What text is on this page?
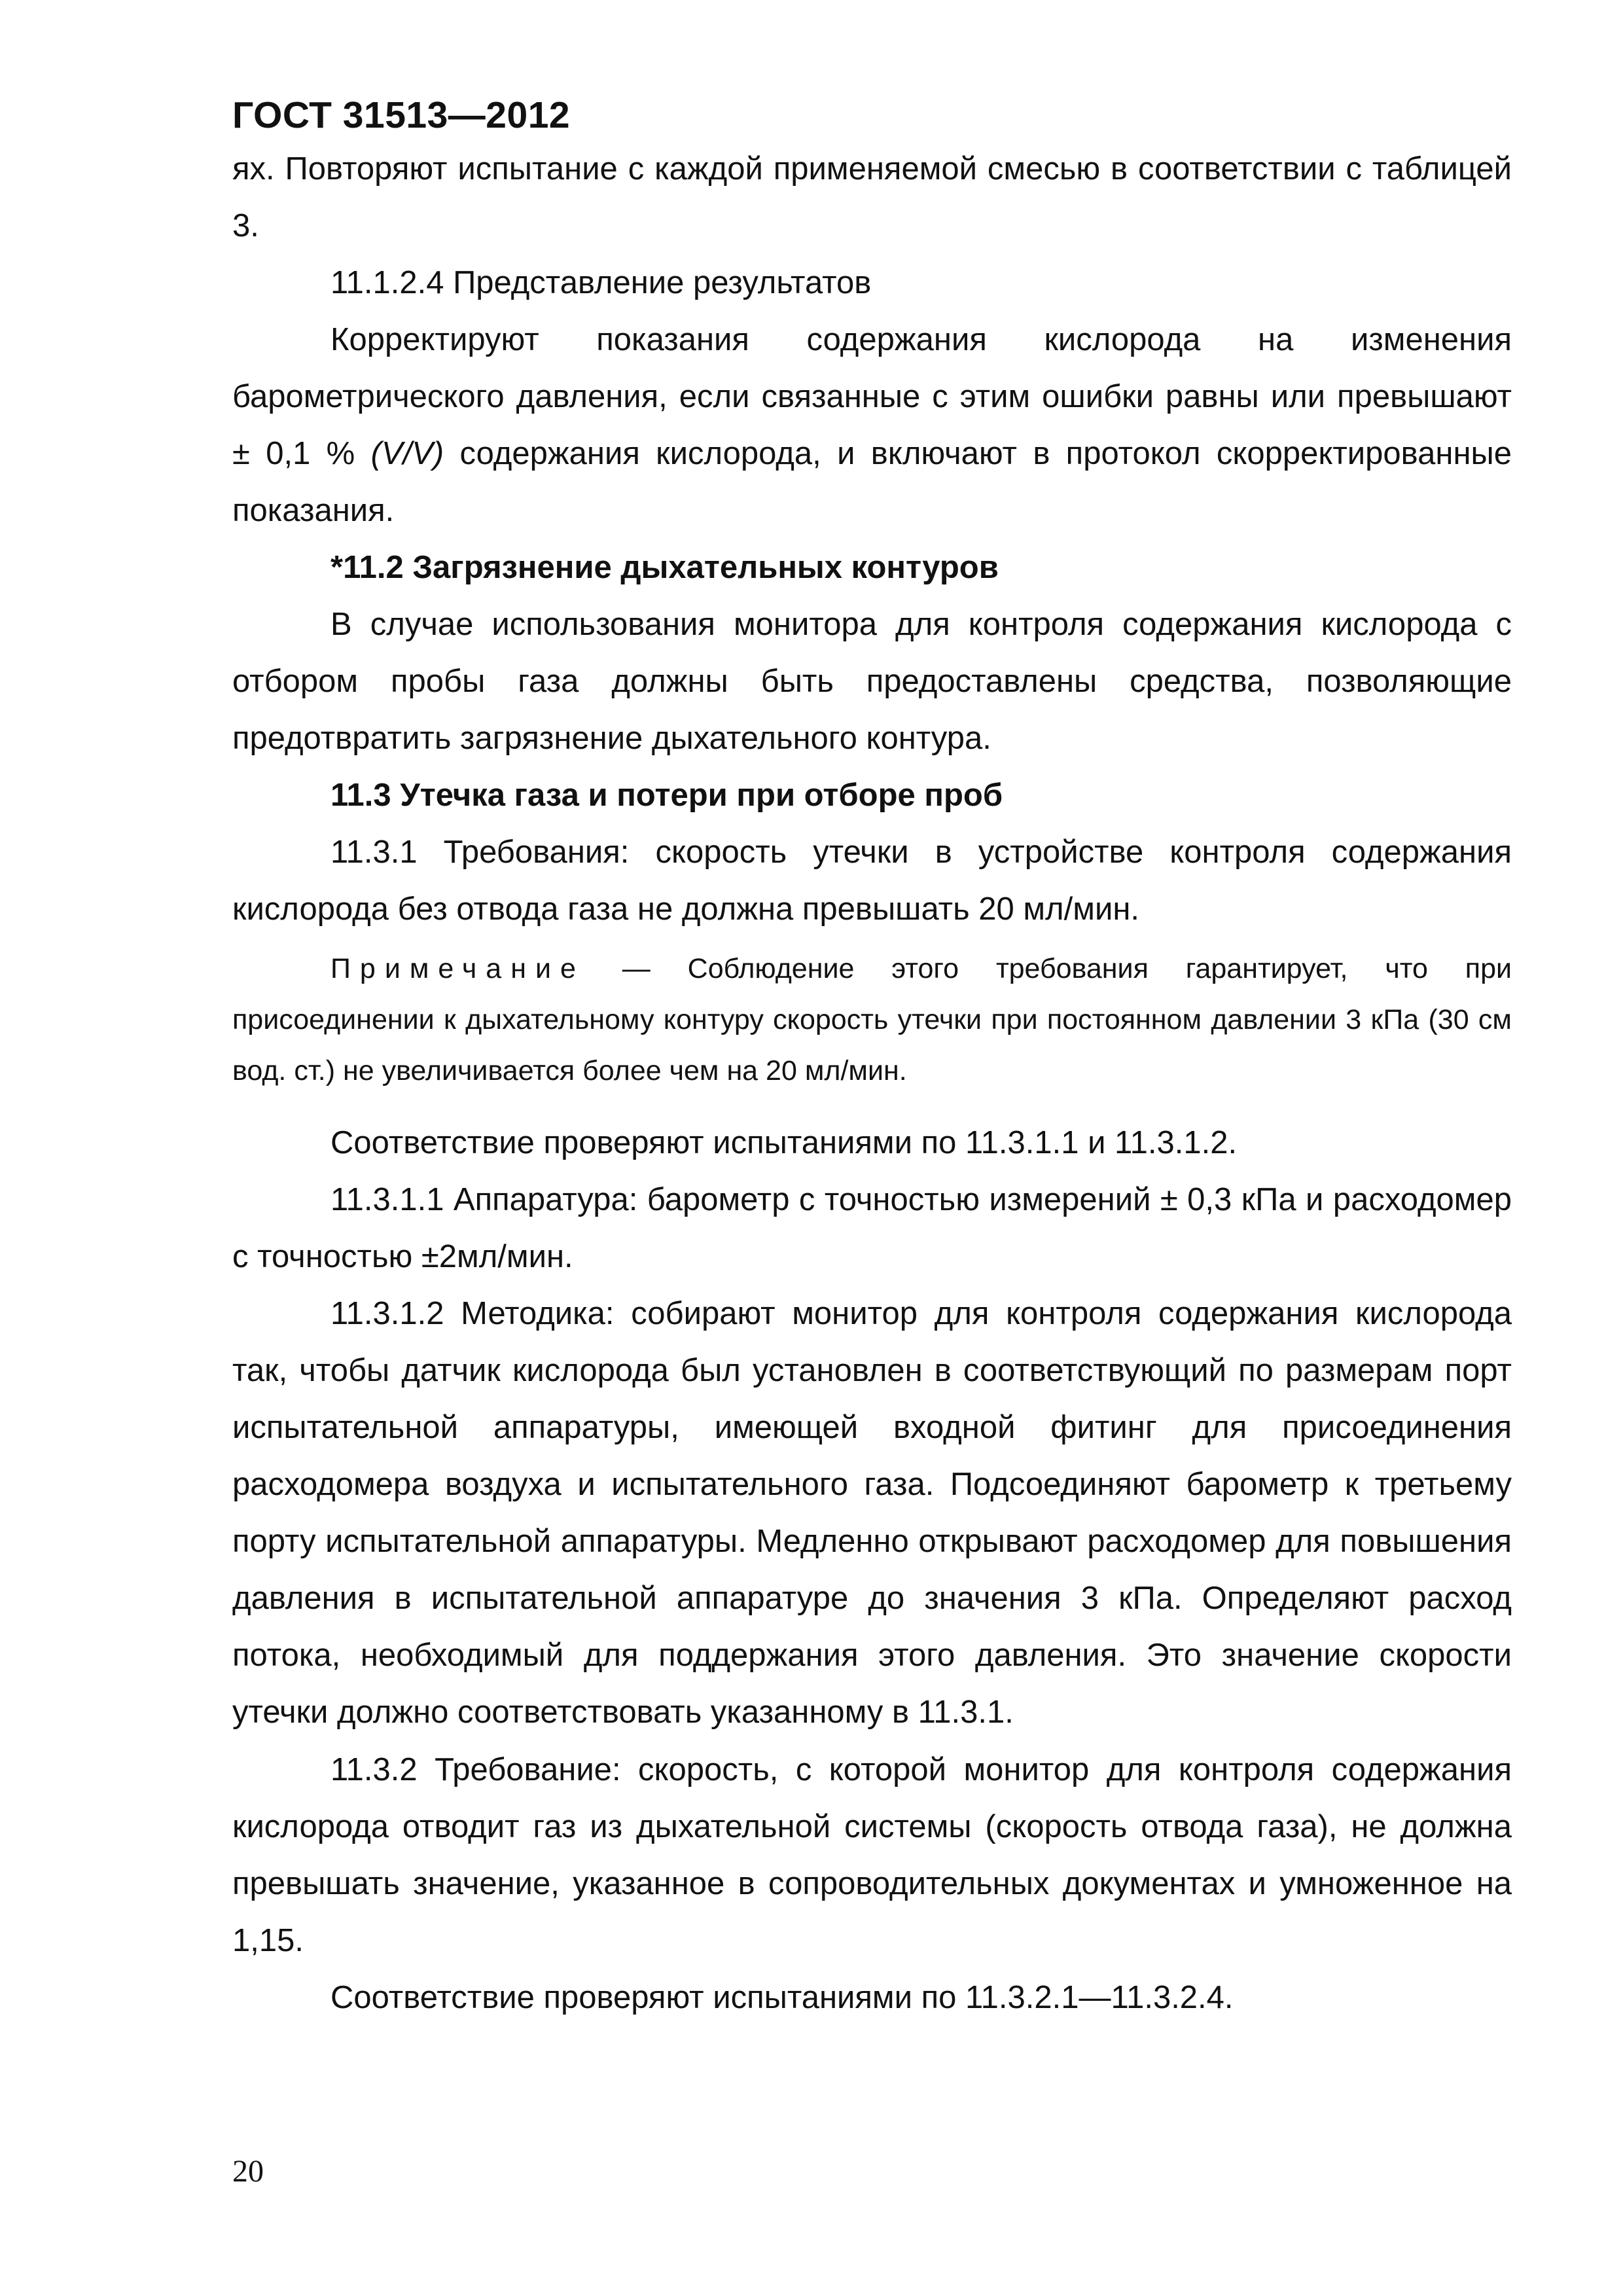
ГОСТ 31513—2012

ях. Повторяют испытание с каждой применяемой смесью в соответствии с таблицей 3.

11.1.2.4 Представление результатов

Корректируют показания содержания кислорода на изменения барометрического давления, если связанные с этим ошибки равны или превышают ± 0,1 % (V/V) содержания кислорода, и включают в протокол скорректированные показания.

*11.2 Загрязнение дыхательных контуров

В случае использования монитора для контроля содержания кислорода с отбором пробы газа должны быть предоставлены средства, позволяющие предотвратить загрязнение дыхательного контура.

11.3 Утечка газа и потери при отборе проб

11.3.1 Требования: скорость утечки в устройстве контроля содержания кислорода без отвода газа не должна превышать 20 мл/мин.

Примечание — Соблюдение этого требования гарантирует, что при присоединении к дыхательному контуру скорость утечки при постоянном давлении 3 кПа (30 см вод. ст.) не увеличивается более чем на 20 мл/мин.

Соответствие проверяют испытаниями по 11.3.1.1 и 11.3.1.2.

11.3.1.1 Аппаратура: барометр с точностью измерений ± 0,3 кПа и расходомер с точностью ±2мл/мин.

11.3.1.2 Методика: собирают монитор для контроля содержания кислорода так, чтобы датчик кислорода был установлен в соответствующий по размерам порт испытательной аппаратуры, имеющей входной фитинг для присоединения расходомера воздуха и испытательного газа. Подсоединяют барометр к третьему порту испытательной аппаратуры. Медленно открывают расходомер для повышения давления в испытательной аппаратуре до значения 3 кПа. Определяют расход потока, необходимый для поддержания этого давления. Это значение скорости утечки должно соответствовать указанному в 11.3.1.

11.3.2 Требование: скорость, с которой монитор для контроля содержания кислорода отводит газ из дыхательной системы (скорость отвода газа), не должна превышать значение, указанное в сопроводительных документах и умноженное на 1,15.

Соответствие проверяют испытаниями по 11.3.2.1—11.3.2.4.

20
